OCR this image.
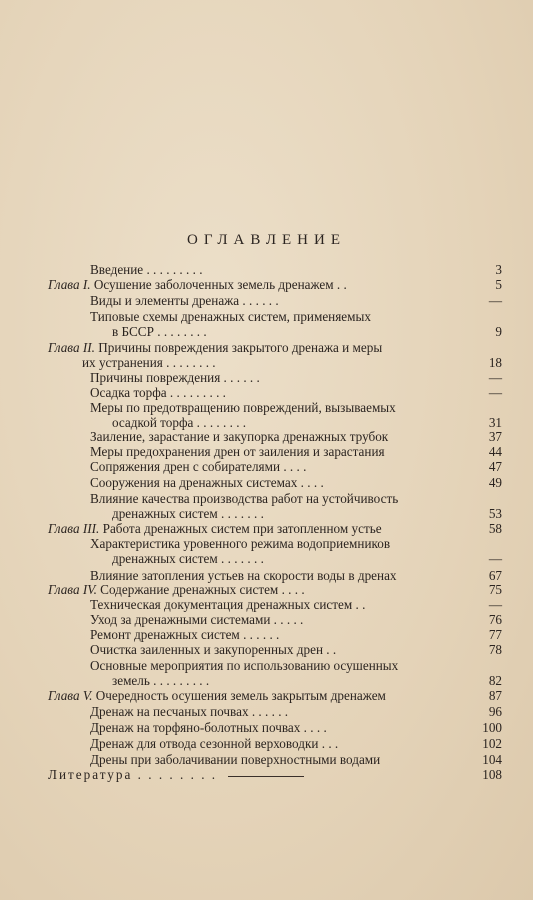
ОГЛАВЛЕНИЕ
Введение . . . . . . . . .	3
Глава I. Осушение заболоченных земель дренажем . .	5
Виды и элементы дренажа . . . . . .	—
Типовые схемы дренажных систем, применяемых
в БССР . . . . . . . .	9
Глава II. Причины повреждения закрытого дренажа и меры
их устранения . . . . . . . .	18
Причины повреждения . . . . . .	—
Осадка торфа . . . . . . . . .	—
Меры по предотвращению повреждений, вызываемых
осадкой торфа . . . . . . . .	31
Заиление, зарастание и закупорка дренажных трубок	37
Меры предохранения дрен от заиления и зарастания	44
Сопряжения дрен с собирателями . . . .	47
Сооружения на дренажных системах . . . .	49
Влияние качества производства работ на устойчивость
дренажных систем . . . . . . .	53
Глава III. Работа дренажных систем при затопленном устье	58
Характеристика уровенного режима водоприемников
дренажных систем . . . . . . .	—
Влияние затопления устьев на скорости воды в дренах	67
Глава IV. Содержание дренажных систем . . . .	75
Техническая документация дренажных систем . .	—
Уход за дренажными системами . . . . .	76
Ремонт дренажных систем . . . . . .	77
Очистка заиленных и закупоренных дрен . .	78
Основные мероприятия по использованию осушенных
земель . . . . . . . . .	82
Глава V. Очередность осушения земель закрытым дренажем	87
Дренаж на песчаных почвах . . . . . .	96
Дренаж на торфяно-болотных почвах . . . .	100
Дренаж для отвода сезонной верховодки . . .	102
Дрены при заболачивании поверхностными водами	104
Литература . . . . . . . .	108
